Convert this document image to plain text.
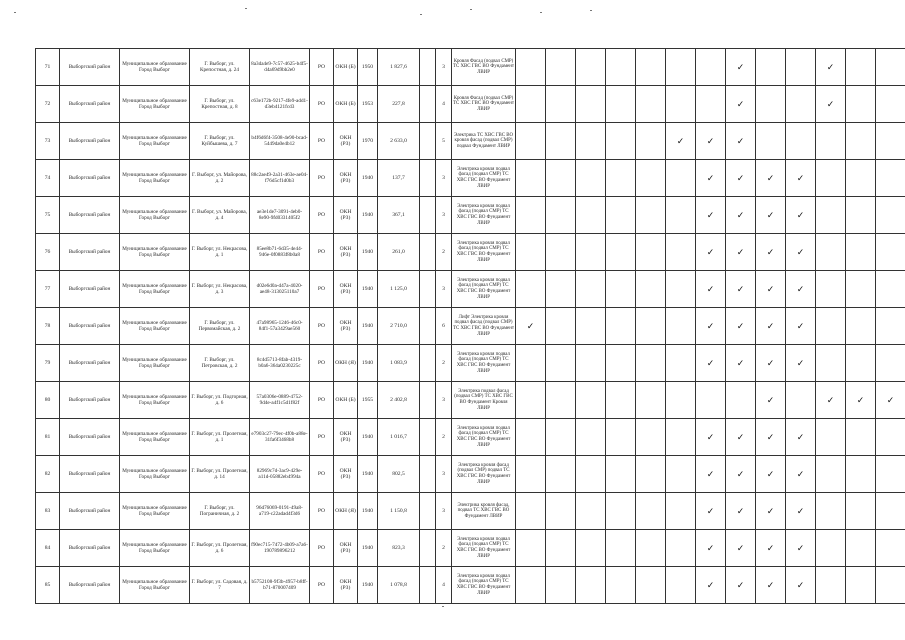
71	Выборгский район	Муниципальное образование Город Выборг	Г. Выборг, ул. Крепостная, д. 24	8a3da4e9-7c57-4625-b4f5-d4a69d9bb2e0	РО	ОКН (Б)	1950	1 827,6		3	Кровля Фасад (подвал СМР) ТС ХВС ГВС ВО Фундамент ЛВИР								✓			✓		
72	Выборгский район	Муниципальное образование Город Выборг	Г. Выборг, ул. Крепостная, д. 8	c63e172b-9217-4fe9-add1-d3eb4121fcd3	РО	ОКН (Б)	1953	227,8		4	Кровля Фасад (подвал СМР) ТС ХВС ГВС ВО Фундамент ЛВИР								✓			✓		
73	Выборгский район	Муниципальное образование Город Выборг	Г. Выборг, ул. Куйбышева, д. 7	b4f6d6f4-3508-4e90-bcad-5449da0e4b12	РО	ОКН (РЗ)	1970	2 633,0		5	Электрика ТС ХВС ГВС ВО кровля фасад (подвал СМР) подвал Фундамент ЛВИР						✓	✓	✓					
74	Выборгский район	Муниципальное образование Город Выборг	Г. Выборг, ул. Майорова, д. 2	88c2ae49-2a31-463e-ae04-f76d5cf1d0b3	РО	ОКН (РЗ)	1940	137,7		3	Электрика кровля подвал фасад (подвал СМР) ТС ХВС ГВС ВО Фундамент ЛВИР							✓	✓	✓	✓			
75	Выборгский район	Муниципальное образование Город Выборг	Г. Выборг, ул. Майорова, д. 4	ae3e1de7-3091-4eb0-8e90-9fd0331405f2	РО	ОКН (РЗ)	1940	367,1		3	Электрика кровля подвал фасад (подвал СМР) ТС ХВС ГВС ВО Фундамент ЛВИР							✓	✓	✓	✓			
76	Выборгский район	Муниципальное образование Город Выборг	Г. Выборг, ул. Некрасова, д. 1	85ee8b71-6d35-4e44-946e-0f0883f8b0a8	РО	ОКН (РЗ)	1940	261,0		2	Электрика кровля подвал фасад (подвал СМР) ТС ХВС ГВС ВО Фундамент ЛВИР							✓	✓	✓	✓			
77	Выборгский район	Муниципальное образование Город Выборг	Г. Выборг, ул. Некрасова, д. 3	d02e6d0a-d47a-4020-ae48-313025110a7	РО	ОКН (РЗ)	1940	1 125,0		3	Электрика кровля подвал фасад (подвал СМР) ТС ХВС ГВС ВО Фундамент ЛВИР							✓	✓	✓	✓			
78	Выборгский район	Муниципальное образование Город Выборг	Г. Выборг, ул. Первомайская, д. 2	47a98965-1246-46c0-84f1-57a3429ae560	РО	ОКН (РЗ)	1940	2 710,0		6	Лифт Электрика кровля подвал фасад (подвал СМР) ТС ХВС ГВС ВО Фундамент ЛВИР	✓						✓	✓	✓	✓			
79	Выборгский район	Муниципальное образование Город Выборг	Г. Выборг, ул. Петровская, д. 2	8c4d5713-8fab-4319-b0a6-364a0230225c	РО	ОКН (Я)	1940	1 083,9		2	Электрика кровля подвал фасад (подвал СМР) ТС ХВС ГВС ВО Фундамент ЛВИР							✓	✓	✓	✓			
80	Выборгский район	Муниципальное образование Город Выборг	Г. Выборг, ул. Подгорная, д. 6	57a0306e-0889-4752-9d4e-a4f1c5d1f82f	РО	ОКН (Б)	1955	2 402,8		3	Электрика подвал фасад (подвал СМР) ТС ХВС ГВС ВО Фундамент Кровля ЛВИР									✓		✓	✓	✓
81	Выборгский район	Муниципальное образование Город Выборг	Г. Выборг, ул. Пролетная, д. 1	e7903c27-79ec-4f0b-a88e-31fa6f3468b8	РО	ОКН (РЗ)	1940	1 016,7		2	Электрика кровля подвал фасад (подвал СМР) ТС ХВС ГВС ВО Фундамент ЛВИР							✓	✓	✓	✓			
82	Выборгский район	Муниципальное образование Город Выборг	Г. Выборг, ул. Пролетная, д. 14	82969c7d-3ac9-429e-a11d-05882eb4994a	РО	ОКН (РЗ)	1940	802,5		3	Электрика кровля фасад (подвал СМР) подвал ТС ХВС ГВС ВО Фундамент ЛВИР							✓	✓	✓	✓			
83	Выборгский район	Муниципальное образование Город Выборг	Г. Выборг, ул. Пограничная, д. 2	96d76069-0191-49a8-a719-c22adad4f3d6	РО	ОКН (Я)	1940	1 150,8		3	Электрика кровля фасад, подвал ТС ХВС ГВС ВО Фундамент ЛВИР							✓	✓	✓	✓			
84	Выборгский район	Муниципальное образование Город Выборг	Г. Выборг, ул. Пролетная, д. 6	f90ec715-7472-4b09-a7a6-190789896212	РО	ОКН (РЗ)	1940	823,3		2	Электрика кровля подвал фасад (подвал СМР) ТС ХВС ГВС ВО Фундамент ЛВИР							✓	✓	✓	✓			
85	Выборгский район	Муниципальное образование Город Выборг	Г. Выборг, ул. Садовая, д. 7	b5752108-9f3b-4957-b8ff-b71-870007409	РО	ОКН (РЗ)	1940	1 078,8		4	Электрика кровля подвал фасад (подвал СМР) ТС ХВС ГВС ВО Фундамент ЛВИР							✓	✓	✓	✓			
